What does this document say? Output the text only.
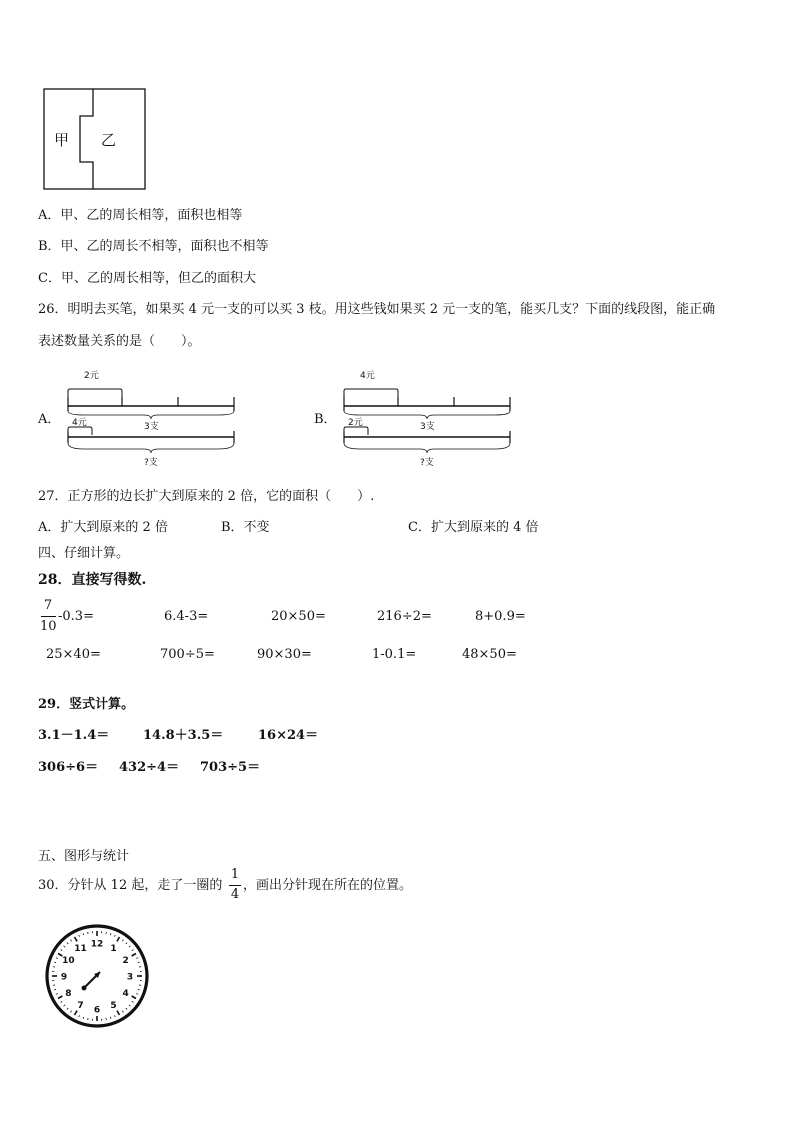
甲 乙
A．甲、乙的周长相等，面积也相等
B．甲、乙的周长不相等，面积也不相等
C．甲、乙的周长相等，但乙的面积大
26．明明去买笔，如果买 4 元一支的可以买 3 枝。用这些钱如果买 2 元一支的笔，能买几支？下面的线段图，能正确
表述数量关系的是（　　）。
A．
2元
3支
4元
?支
B．
4元
3支
2元
?支
27．正方形的边长扩大到原来的 2 倍，它的面积（　　）.
A．扩大到原来的 2 倍	B．不变	C．扩大到原来的 4 倍
四、仔细计算。
28．直接写得数.
7
10
-0.3=	6.4-3=	20×50=	216÷2=	8+0.9=
25×40=	700÷5=	90×30=	1-0.1=	48×50=
29．竖式计算。
3.1－1.4＝	14.8＋3.5＝	16×24＝
306÷6＝ 432÷4＝ 703÷5＝
五、图形与统计
30．分针从 12 起，走了一圈的
1
4
，画出分针现在所在的位置。
12 1
2
3
4
5
6
7
8
9
10
11
